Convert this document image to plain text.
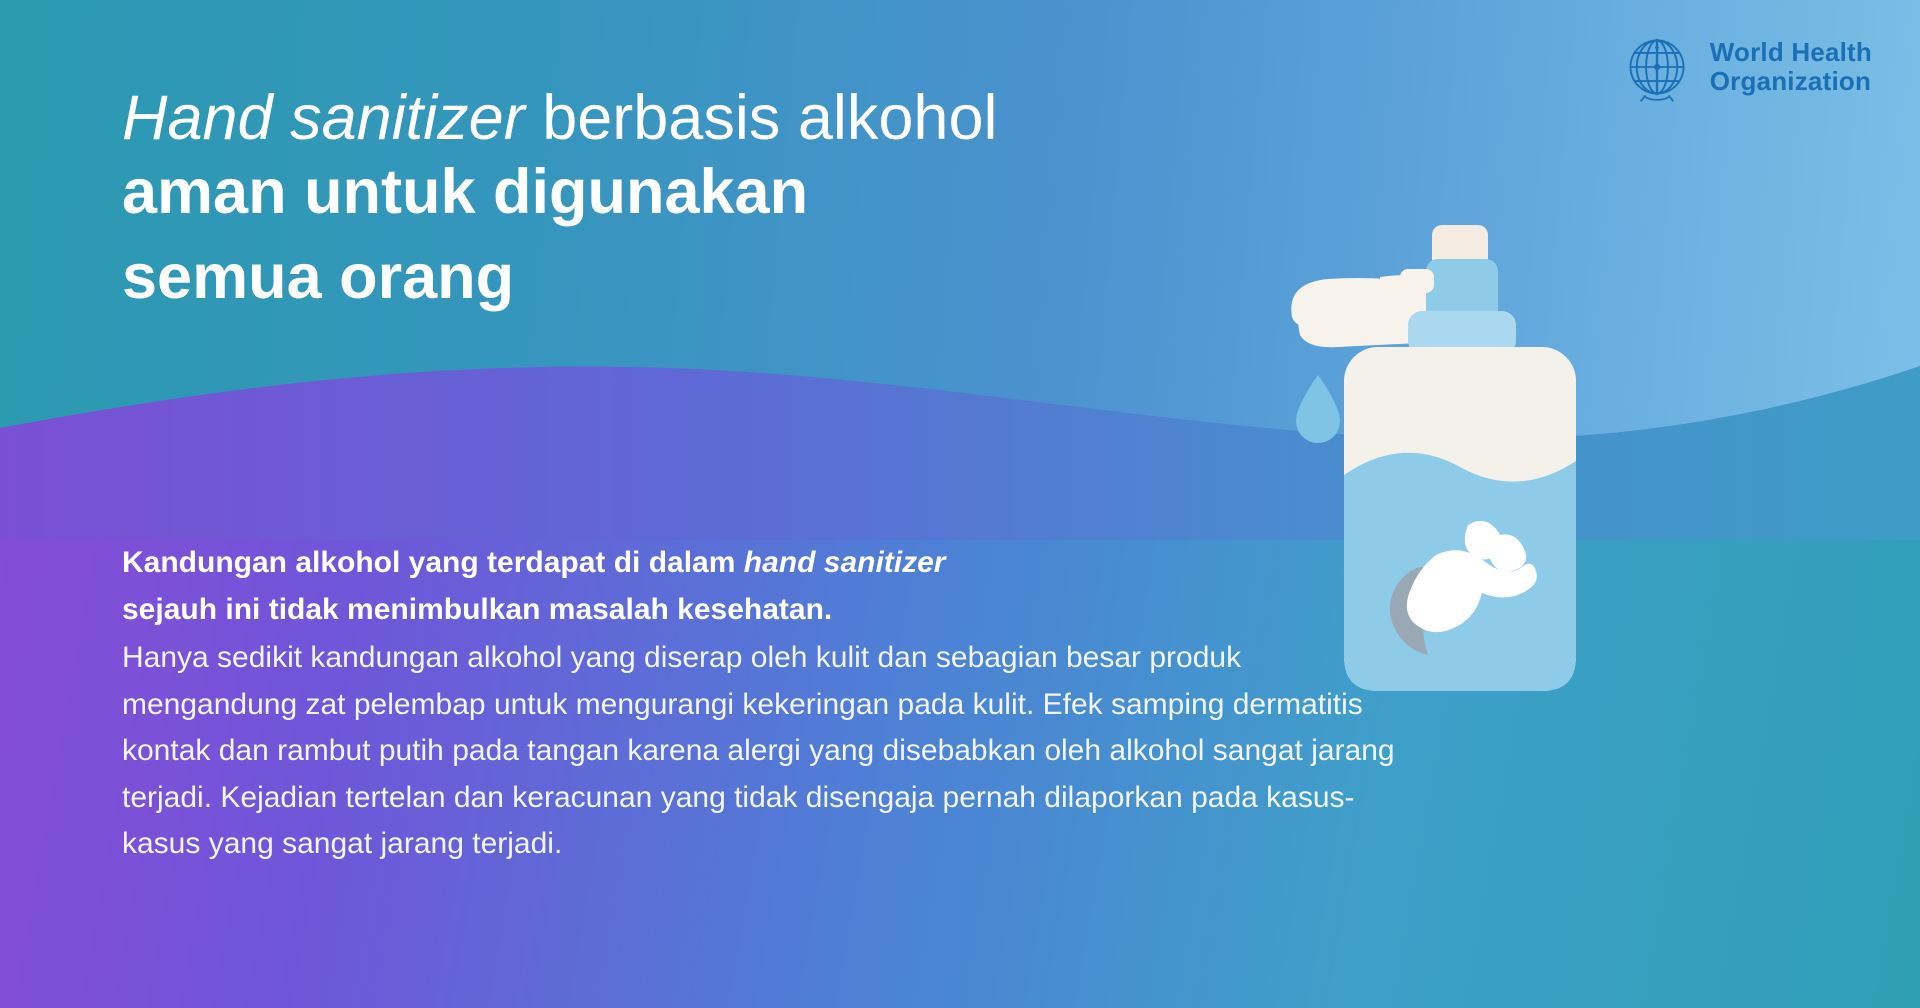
World Health
Organization
Hand sanitizer berbasis alkohol
aman untuk digunakan
semua orang
Kandungan alkohol yang terdapat di dalam hand sanitizer
sejauh ini tidak menimbulkan masalah kesehatan.
Hanya sedikit kandungan alkohol yang diserap oleh kulit dan sebagian besar produk mengandung zat pelembap untuk mengurangi kekeringan pada kulit. Efek samping dermatitis kontak dan rambut putih pada tangan karena alergi yang disebabkan oleh alkohol sangat jarang terjadi. Kejadian tertelan dan keracunan yang tidak disengaja pernah dilaporkan pada kasus-kasus yang sangat jarang terjadi.
